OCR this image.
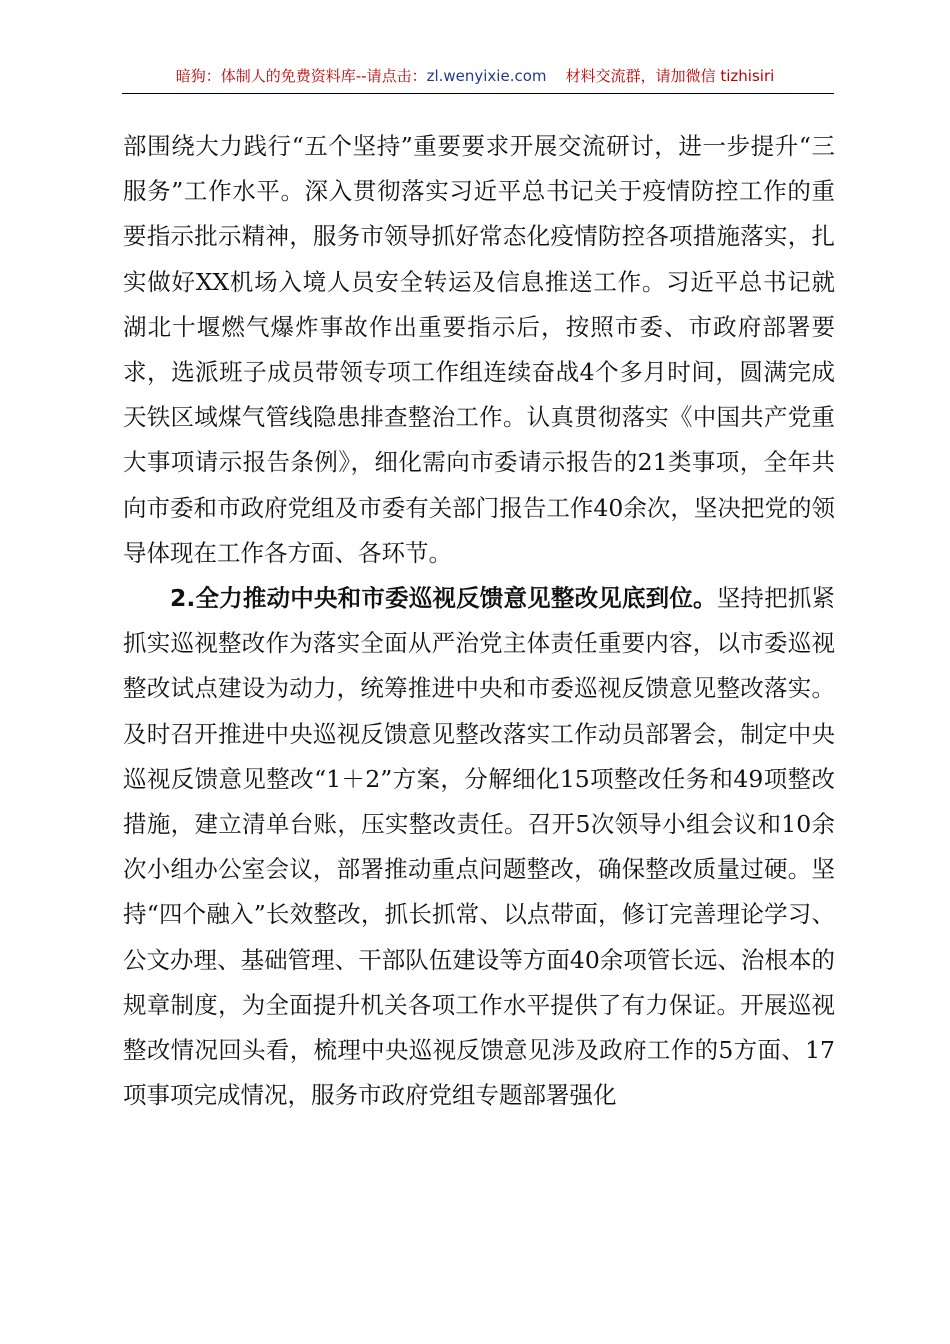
暗狗：体制人的免费资料库--请点击：zl.wenyixie.com 材料交流群，请加微信 tizhisiri

部围绕大力践行“五个坚持”重要要求开展交流研讨，进一步提升“三服务”工作水平。深入贯彻落实习近平总书记关于疫情防控工作的重要指示批示精神，服务市领导抓好常态化疫情防控各项措施落实，扎实做好XX机场入境人员安全转运及信息推送工作。习近平总书记就湖北十堰燃气爆炸事故作出重要指示后，按照市委、市政府部署要求，选派班子成员带领专项工作组连续奋战4个多月时间，圆满完成天铁区域煤气管线隐患排查整治工作。认真贯彻落实《中国共产党重大事项请示报告条例》，细化需向市委请示报告的21类事项，全年共向市委和市政府党组及市委有关部门报告工作40余次，坚决把党的领导体现在工作各方面、各环节。

2.全力推动中央和市委巡视反馈意见整改见底到位。坚持把抓紧抓实巡视整改作为落实全面从严治党主体责任重要内容，以市委巡视整改试点建设为动力，统筹推进中央和市委巡视反馈意见整改落实。及时召开推进中央巡视反馈意见整改落实工作动员部署会，制定中央巡视反馈意见整改“1＋2”方案，分解细化15项整改任务和49项整改措施，建立清单台账，压实整改责任。召开5次领导小组会议和10余次小组办公室会议，部署推动重点问题整改，确保整改质量过硬。坚持“四个融入”长效整改，抓长抓常、以点带面，修订完善理论学习、公文办理、基础管理、干部队伍建设等方面40余项管长远、治根本的规章制度，为全面提升机关各项工作水平提供了有力保证。开展巡视整改情况回头看，梳理中央巡视反馈意见涉及政府工作的5方面、17项事项完成情况，服务市政府党组专题部署强化
